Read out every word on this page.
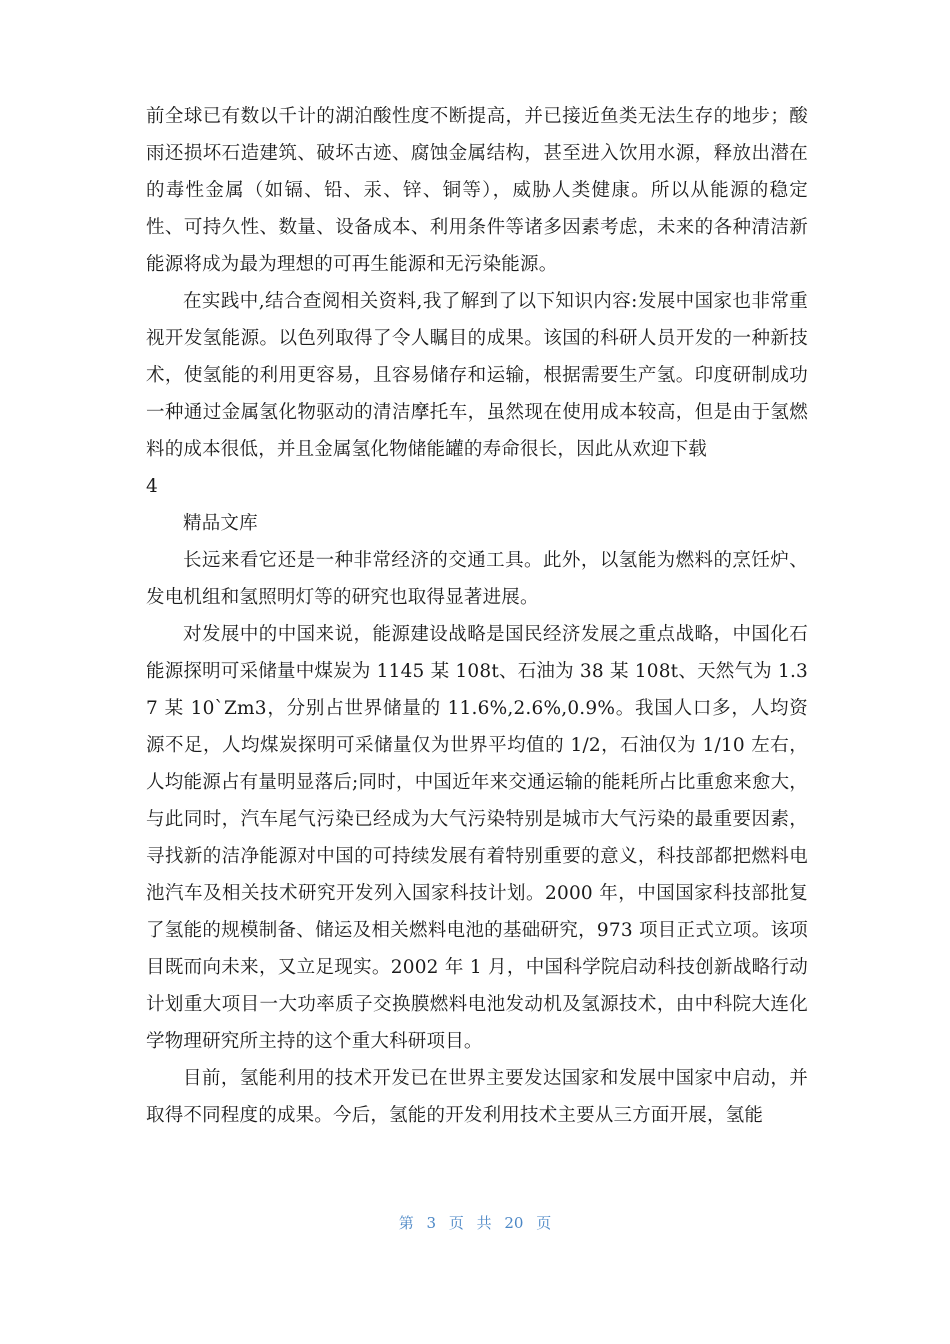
前全球已有数以千计的湖泊酸性度不断提高，并已接近鱼类无法生存的地步；酸雨还损坏石造建筑、破坏古迹、腐蚀金属结构，甚至进入饮用水源，释放出潜在的毒性金属（如镉、铅、汞、锌、铜等），威胁人类健康。所以从能源的稳定性、可持久性、数量、设备成本、利用条件等诸多因素考虑，未来的各种清洁新能源将成为最为理想的可再生能源和无污染能源。

在实践中,结合查阅相关资料,我了解到了以下知识内容:发展中国家也非常重视开发氢能源。以色列取得了令人瞩目的成果。该国的科研人员开发的一种新技术，使氢能的利用更容易，且容易储存和运输，根据需要生产氢。印度研制成功一种通过金属氢化物驱动的清洁摩托车，虽然现在使用成本较高，但是由于氢燃料的成本很低，并且金属氢化物储能罐的寿命很长，因此从欢迎下载

4

精品文库

长远来看它还是一种非常经济的交通工具。此外，以氢能为燃料的烹饪炉、发电机组和氢照明灯等的研究也取得显著进展。

对发展中的中国来说，能源建设战略是国民经济发展之重点战略，中国化石能源探明可采储量中煤炭为 1145 某 108t、石油为 38 某 108t、天然气为 1.37 某 10`Zm3，分别占世界储量的 11.6%,2.6%,0.9%。我国人口多，人均资源不足，人均煤炭探明可采储量仅为世界平均值的 1/2，石油仅为 1/10 左右，人均能源占有量明显落后;同时，中国近年来交通运输的能耗所占比重愈来愈大，与此同时，汽车尾气污染已经成为大气污染特别是城市大气污染的最重要因素，寻找新的洁净能源对中国的可持续发展有着特别重要的意义，科技部都把燃料电池汽车及相关技术研究开发列入国家科技计划。2000 年，中国国家科技部批复了氢能的规模制备、储运及相关燃料电池的基础研究，973 项目正式立项。该项目既而向未来，又立足现实。2002 年 1 月，中国科学院启动科技创新战略行动计划重大项目一大功率质子交换膜燃料电池发动机及氢源技术，由中科院大连化学物理研究所主持的这个重大科研项目。

目前，氢能利用的技术开发已在世界主要发达国家和发展中国家中启动，并取得不同程度的成果。今后，氢能的开发利用技术主要从三方面开展，氢能

第 3 页 共 20 页
